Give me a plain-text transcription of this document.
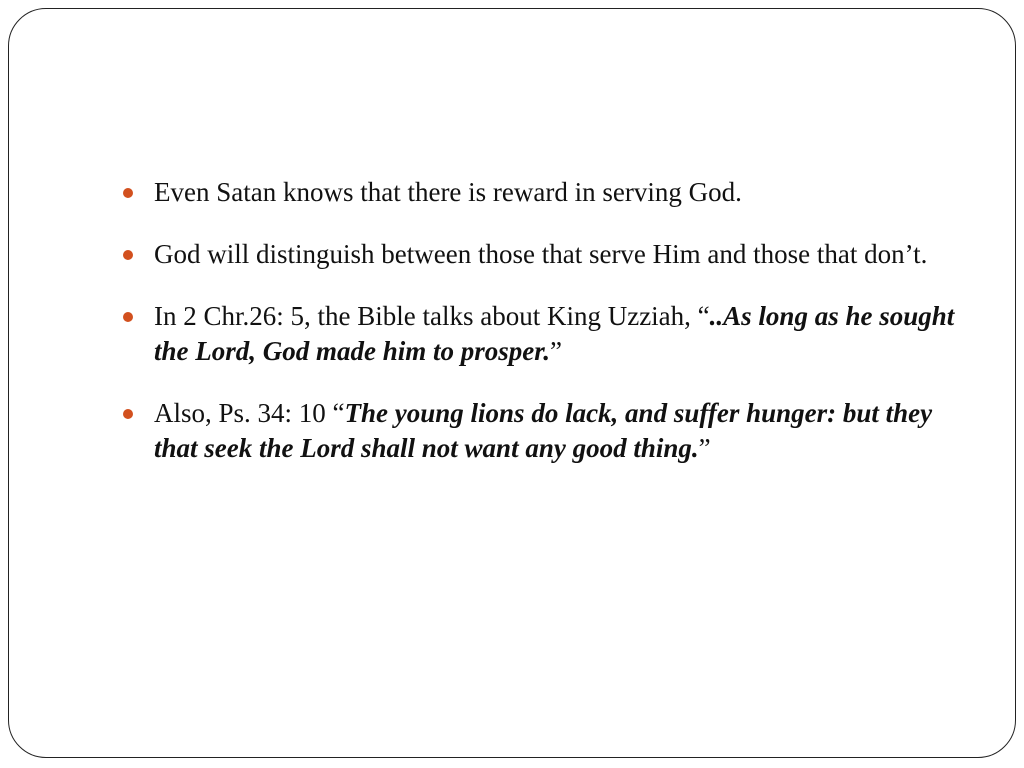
Even Satan knows that there is reward in serving God.
God will distinguish between those that serve Him and those that don’t.
In 2 Chr.26: 5, the Bible talks about King Uzziah, “..As long as he sought the Lord, God made him to prosper.”
Also, Ps. 34: 10 “The young lions do lack, and suffer hunger: but they that seek the Lord shall not want any good thing.”
